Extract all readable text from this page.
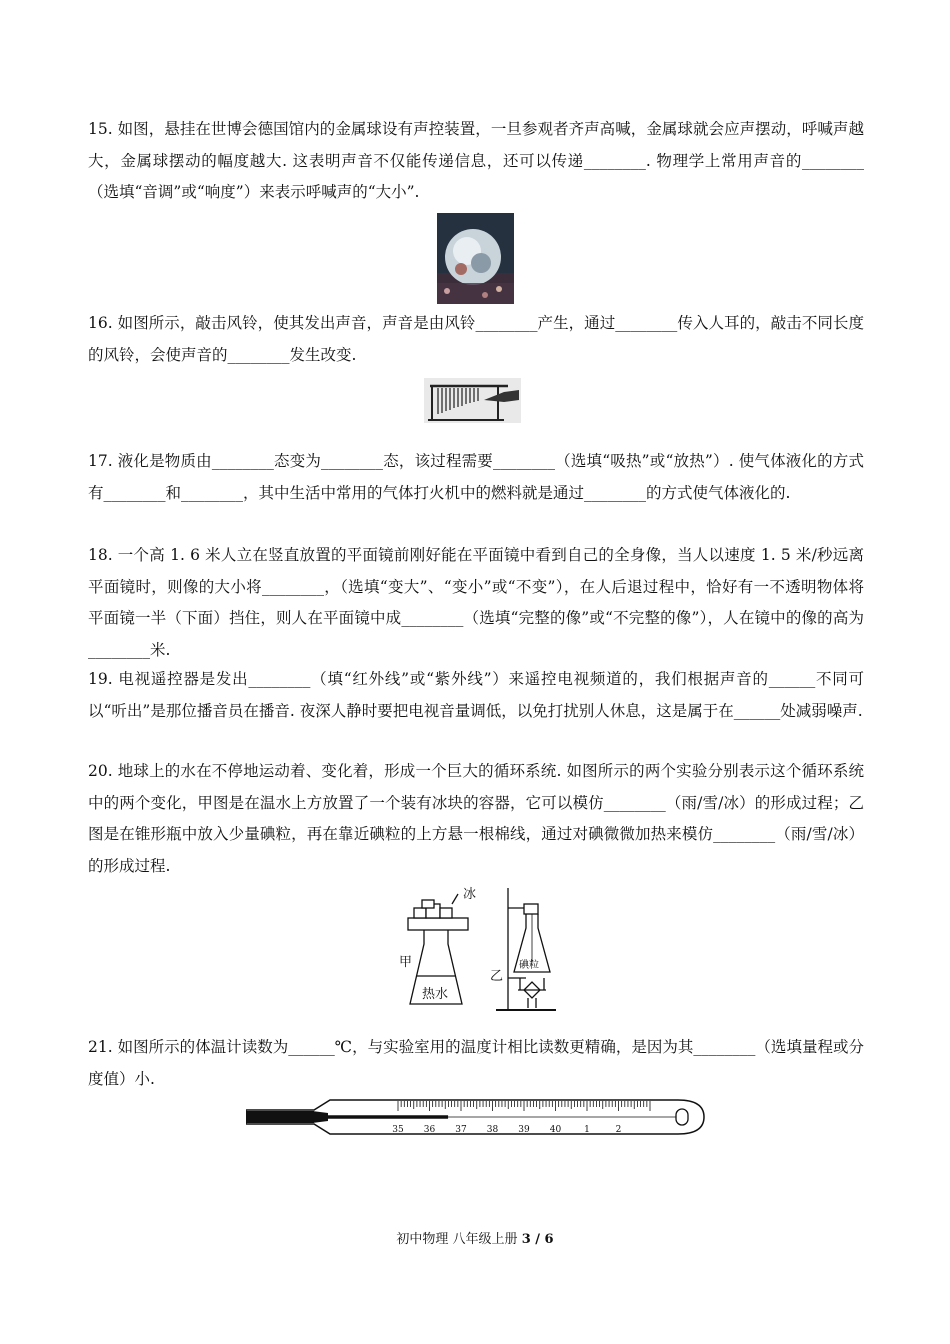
15. 如图，悬挂在世博会德国馆内的金属球设有声控装置，一旦参观者齐声高喊，金属球就会应声摆动，呼喊声越大，金属球摆动的幅度越大. 这表明声音不仅能传递信息，还可以传递________. 物理学上常用声音的________（选填“音调”或“响度”）来表示呼喊声的“大小”.
16. 如图所示，敲击风铃，使其发出声音，声音是由风铃________产生，通过________传入人耳的，敲击不同长度的风铃，会使声音的________发生改变.
17. 液化是物质由________态变为________态，该过程需要________（选填“吸热”或“放热”）. 使气体液化的方式有________和________，其中生活中常用的气体打火机中的燃料就是通过________的方式使气体液化的.
18. 一个高 1. 6 米人立在竖直放置的平面镜前刚好能在平面镜中看到自己的全身像，当人以速度 1. 5 米/秒远离平面镜时，则像的大小将________，（选填“变大”、“变小”或“不变”），在人后退过程中，恰好有一不透明物体将平面镜一半（下面）挡住，则人在平面镜中成________（选填“完整的像”或“不完整的像”），人在镜中的像的高为________米.
19. 电视遥控器是发出________（填“红外线”或“紫外线”）来遥控电视频道的，我们根据声音的______不同可以“听出”是那位播音员在播音. 夜深人静时要把电视音量调低，以免打扰别人休息，这是属于在______处减弱噪声.
20. 地球上的水在不停地运动着、变化着，形成一个巨大的循环系统. 如图所示的两个实验分别表示这个循环系统中的两个变化，甲图是在温水上方放置了一个装有冰块的容器，它可以模仿________（雨/雪/冰）的形成过程；乙图是在锥形瓶中放入少量碘粒，再在靠近碘粒的上方悬一根棉线，通过对碘微微加热来模仿________（雨/雪/冰）的形成过程.
冰
甲
热水
乙
碘粒
21. 如图所示的体温计读数为______℃，与实验室用的温度计相比读数更精确，是因为其________（选填量程或分度值）小.
35 36 37 38 39 40	1	2
初中物理 八年级上册 3 / 6
